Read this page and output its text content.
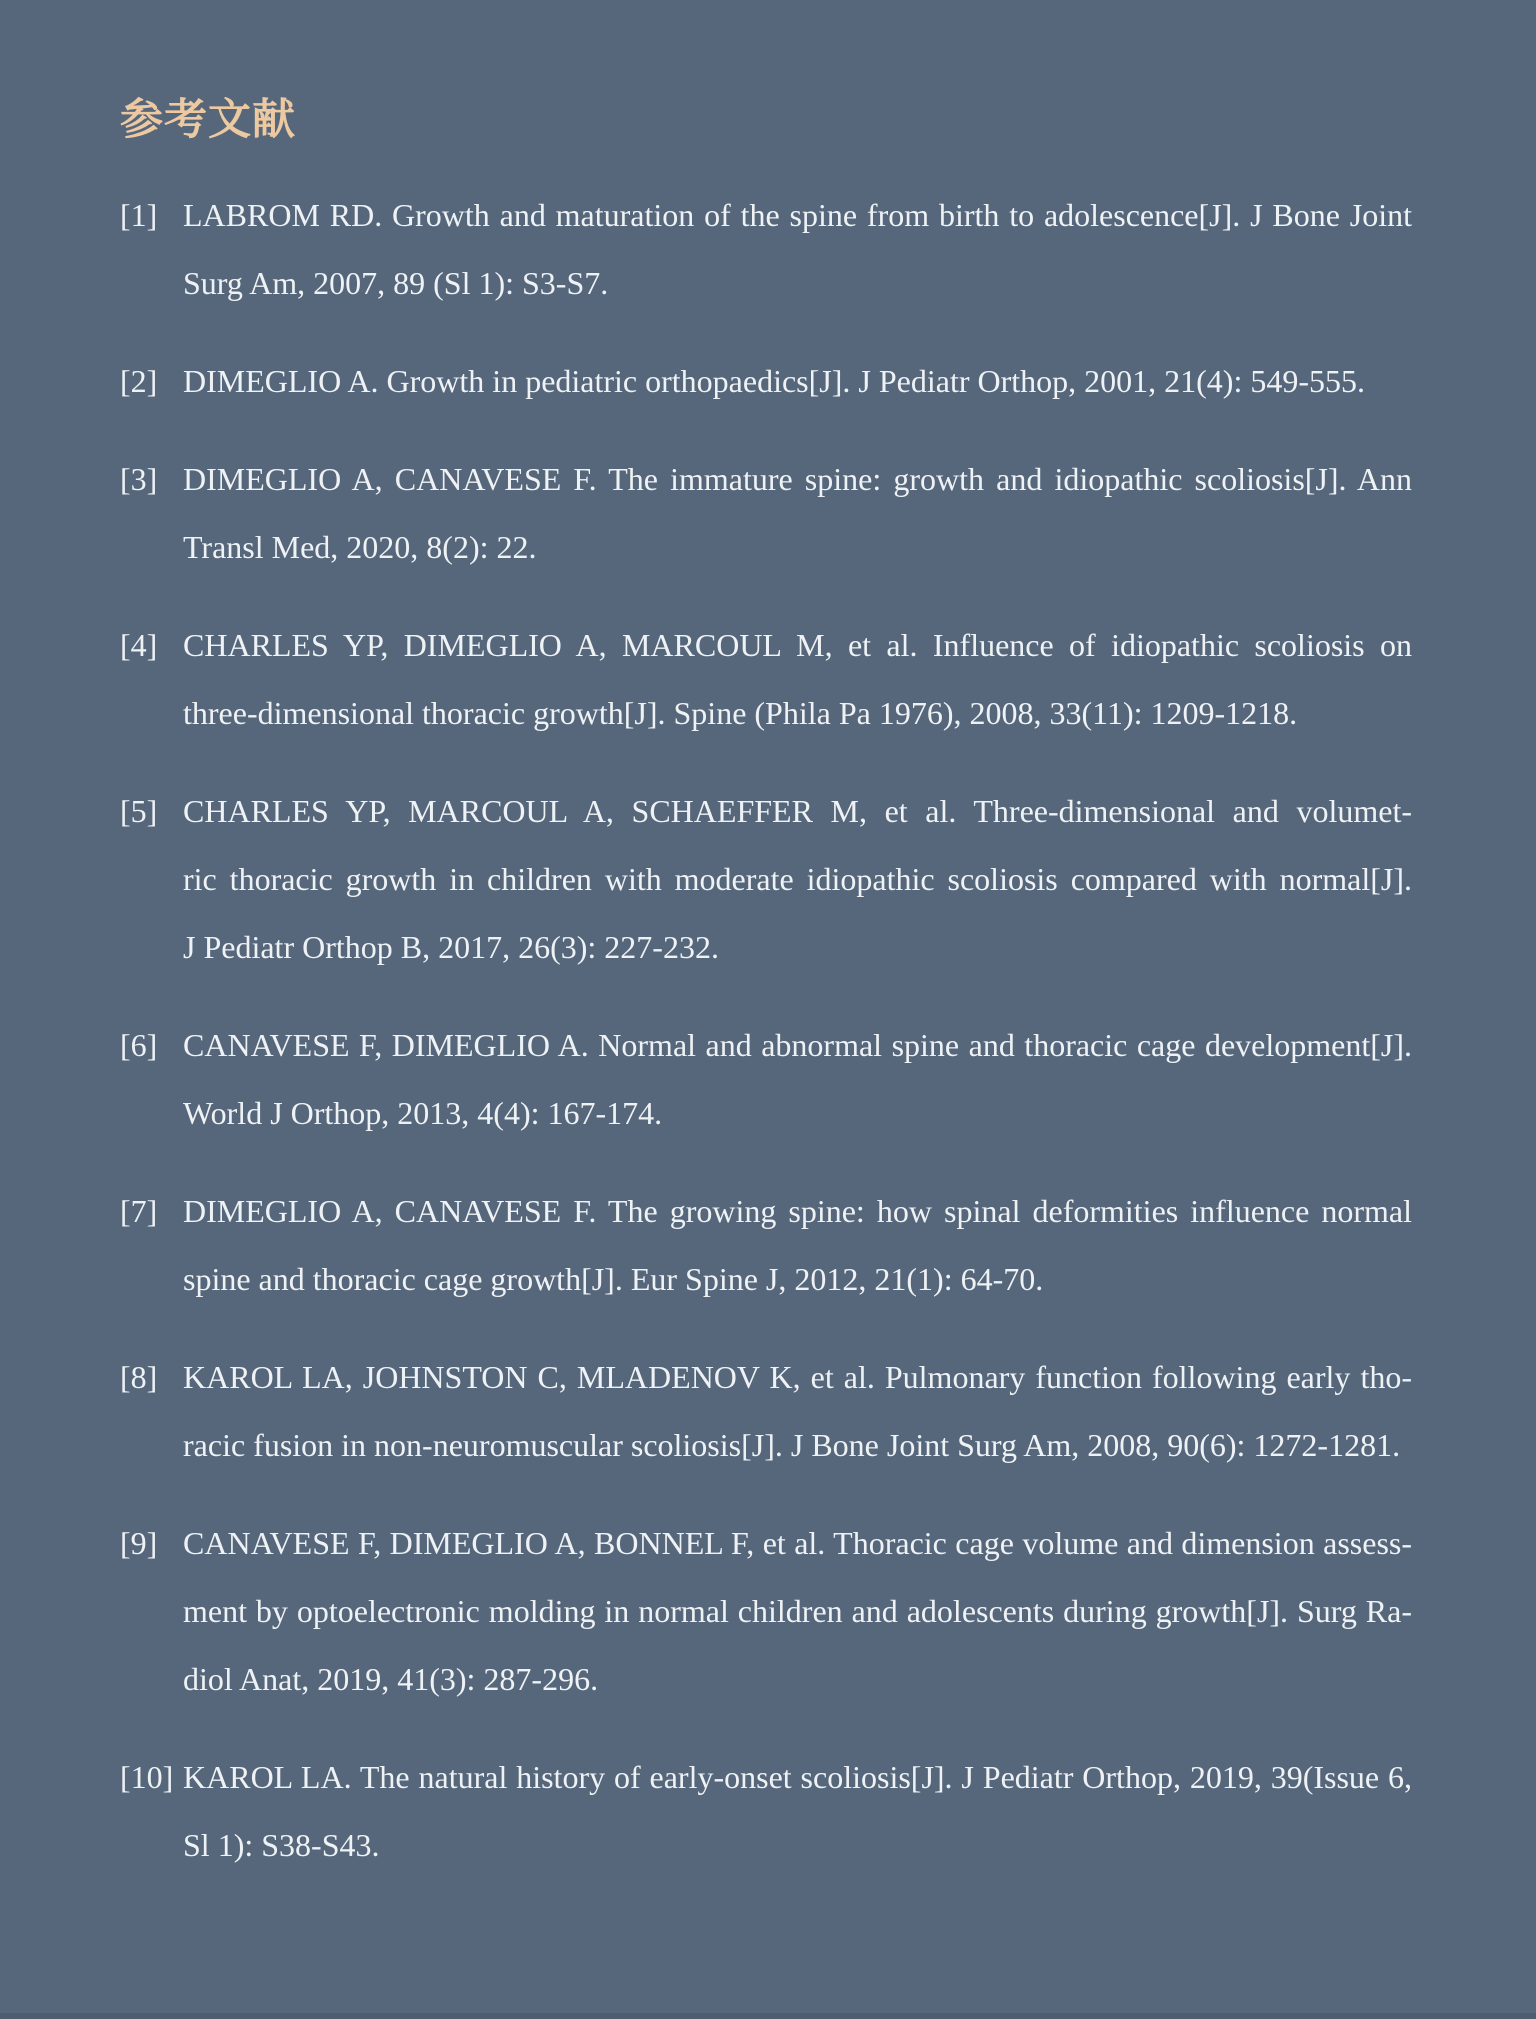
参考文献
[1] LABROM RD. Growth and maturation of the spine from birth to adolescence[J]. J Bone Joint
Surg Am, 2007, 89 (Sl 1): S3-S7.
[2] DIMEGLIO A. Growth in pediatric orthopaedics[J]. J Pediatr Orthop, 2001, 21(4): 549-555.
[3] DIMEGLIO A, CANAVESE F. The immature spine: growth and idiopathic scoliosis[J]. Ann
Transl Med, 2020, 8(2): 22.
[4] CHARLES YP, DIMEGLIO A, MARCOUL M, et al. Influence of idiopathic scoliosis on
three-dimensional thoracic growth[J]. Spine (Phila Pa 1976), 2008, 33(11): 1209-1218.
[5] CHARLES YP, MARCOUL A, SCHAEFFER M, et al. Three-dimensional and volumet-
ric thoracic growth in children with moderate idiopathic scoliosis compared with normal[J].
J Pediatr Orthop B, 2017, 26(3): 227-232.
[6] CANAVESE F, DIMEGLIO A. Normal and abnormal spine and thoracic cage development[J].
World J Orthop, 2013, 4(4): 167-174.
[7] DIMEGLIO A, CANAVESE F. The growing spine: how spinal deformities influence normal
spine and thoracic cage growth[J]. Eur Spine J, 2012, 21(1): 64-70.
[8] KAROL LA, JOHNSTON C, MLADENOV K, et al. Pulmonary function following early tho-
racic fusion in non-neuromuscular scoliosis[J]. J Bone Joint Surg Am, 2008, 90(6): 1272-1281.
[9] CANAVESE F, DIMEGLIO A, BONNEL F, et al. Thoracic cage volume and dimension assess-
ment by optoelectronic molding in normal children and adolescents during growth[J]. Surg Ra-
diol Anat, 2019, 41(3): 287-296.
[10] KAROL LA. The natural history of early-onset scoliosis[J]. J Pediatr Orthop, 2019, 39(Issue 6,
Sl 1): S38-S43.
